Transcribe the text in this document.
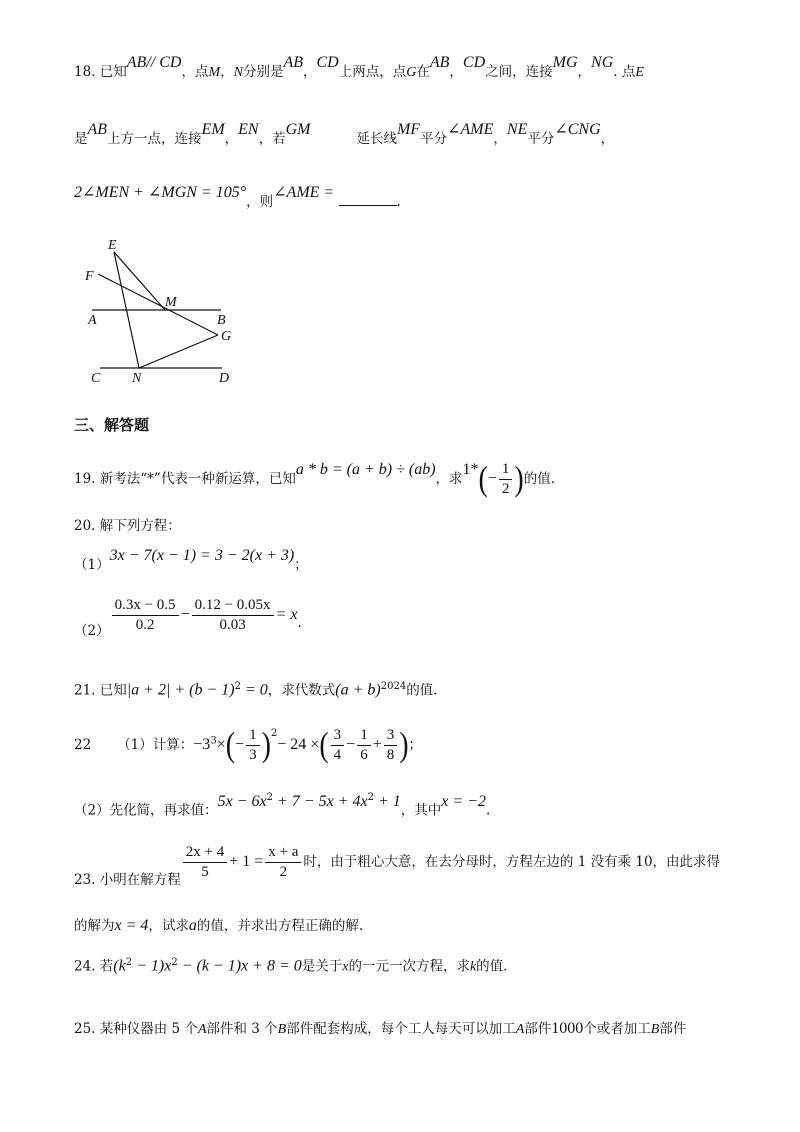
18. 已知AB// CD，点M，N分别是AB，CD上两点，点G在AB，CD之间，连接MG，NG. 点E
是AB上方一点，连接EM，EN，若GM延长线MF平分∠AME，NE平分∠CNG，
2∠MEN + ∠MGN = 105°，则∠AME = .
E
F
M
A	B
G
C N	D
三、解答题
19. 新考法“*”代表一种新运算，已知a * b = (a + b) ÷ (ab)，求$1*(- \frac{1}{2}$ )的值.
20. 解下列方程：
（1）3x − 7(x − 1) = 3 − 2(x + 3)；
$(2) \frac{0.3x - 0.5}{0.2} - \frac{0.12 - 0.05x}{0.03} = x$.
21. 已知$|a + 2| + (b - 1)^2 = 0$，求代数式$(a + b)^{2024}$的值.
22 （1）计算：$-3^3\times(- \frac{1}{3} )^2- 24$ ×( $\frac{3}{4} - \frac{1}{6} + \frac{3}{8}$ )；
（2）先化简，再求值：$5x - 6x^2 + 7 - 5x + 4x^2 + 1$，其中x = −2.
23. 小明在解方程 $\frac{2x + 4}{5} + 1 = \frac{x + a}{2}$ 时，由于粗心大意，在去分母时，方程左边的 1 没有乘 10，由此求得
的解为x = 4，试求a的值，并求出方程正确的解.
24. 若$(k^2 - 1)x^2 - (k - 1)x + 8 = 0$是关于x的一元一次方程，求k的值.
25. 某种仪器由 5 个A部件和 3 个B部件配套构成，每个工人每天可以加工A部件1000个或者加工B部件
